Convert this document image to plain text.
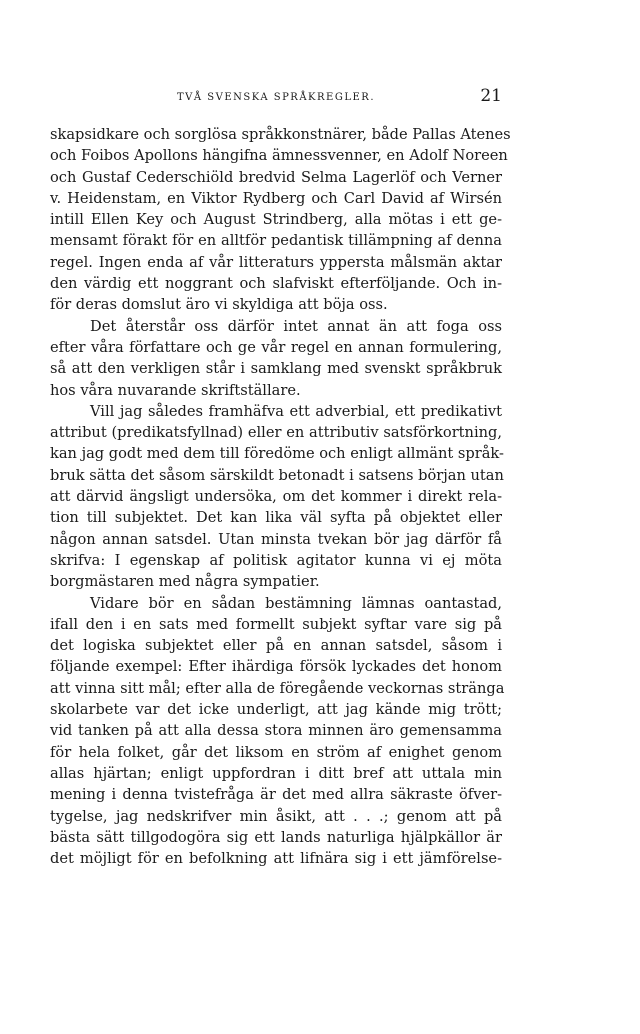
TVÅ SVENSKA SPRÅKREGLER.	21
skapsidkare och sorglösa språkkonstnärer, både Pallas Atenes
och Foibos Apollons hängifna ämnessvenner, en Adolf Noreen
och Gustaf Cederschiöld bredvid Selma Lagerlöf och Verner
v. Heidenstam, en Viktor Rydberg och Carl David af Wirsén
intill Ellen Key och August Strindberg, alla mötas i ett ge-
mensamt förakt för en alltför pedantisk tillämpning af denna
regel. Ingen enda af vår litteraturs yppersta målsmän aktar
den värdig ett noggrant och slafviskt efterföljande. Och in-
för deras domslut äro vi skyldiga att böja oss.
Det återstår oss därför intet annat än att foga oss
efter våra författare och ge vår regel en annan formulering,
så att den verkligen står i samklang med svenskt språkbruk
hos våra nuvarande skriftställare.
Vill jag således framhäfva ett adverbial, ett predikativt
attribut (predikatsfyllnad) eller en attributiv satsförkortning,
kan jag godt med dem till föredöme och enligt allmänt språk-
bruk sätta det såsom särskildt betonadt i satsens början utan
att därvid ängsligt undersöka, om det kommer i direkt rela-
tion till subjektet. Det kan lika väl syfta på objektet eller
någon annan satsdel. Utan minsta tvekan bör jag därför få
skrifva: I egenskap af politisk agitator kunna vi ej möta
borgmästaren med några sympatier.
Vidare bör en sådan bestämning lämnas oantastad,
ifall den i en sats med formellt subjekt syftar vare sig på
det logiska subjektet eller på en annan satsdel, såsom i
följande exempel: Efter ihärdiga försök lyckades det honom
att vinna sitt mål; efter alla de föregående veckornas stränga
skolarbete var det icke underligt, att jag kände mig trött;
vid tanken på att alla dessa stora minnen äro gemensamma
för hela folket, går det liksom en ström af enighet genom
allas hjärtan; enligt uppfordran i ditt bref att uttala min
mening i denna tvistefråga är det med allra säkraste öfver-
tygelse, jag nedskrifver min åsikt, att . . .; genom att på
bästa sätt tillgodogöra sig ett lands naturliga hjälpkällor är
det möjligt för en befolkning att lifnära sig i ett jämförelse-
